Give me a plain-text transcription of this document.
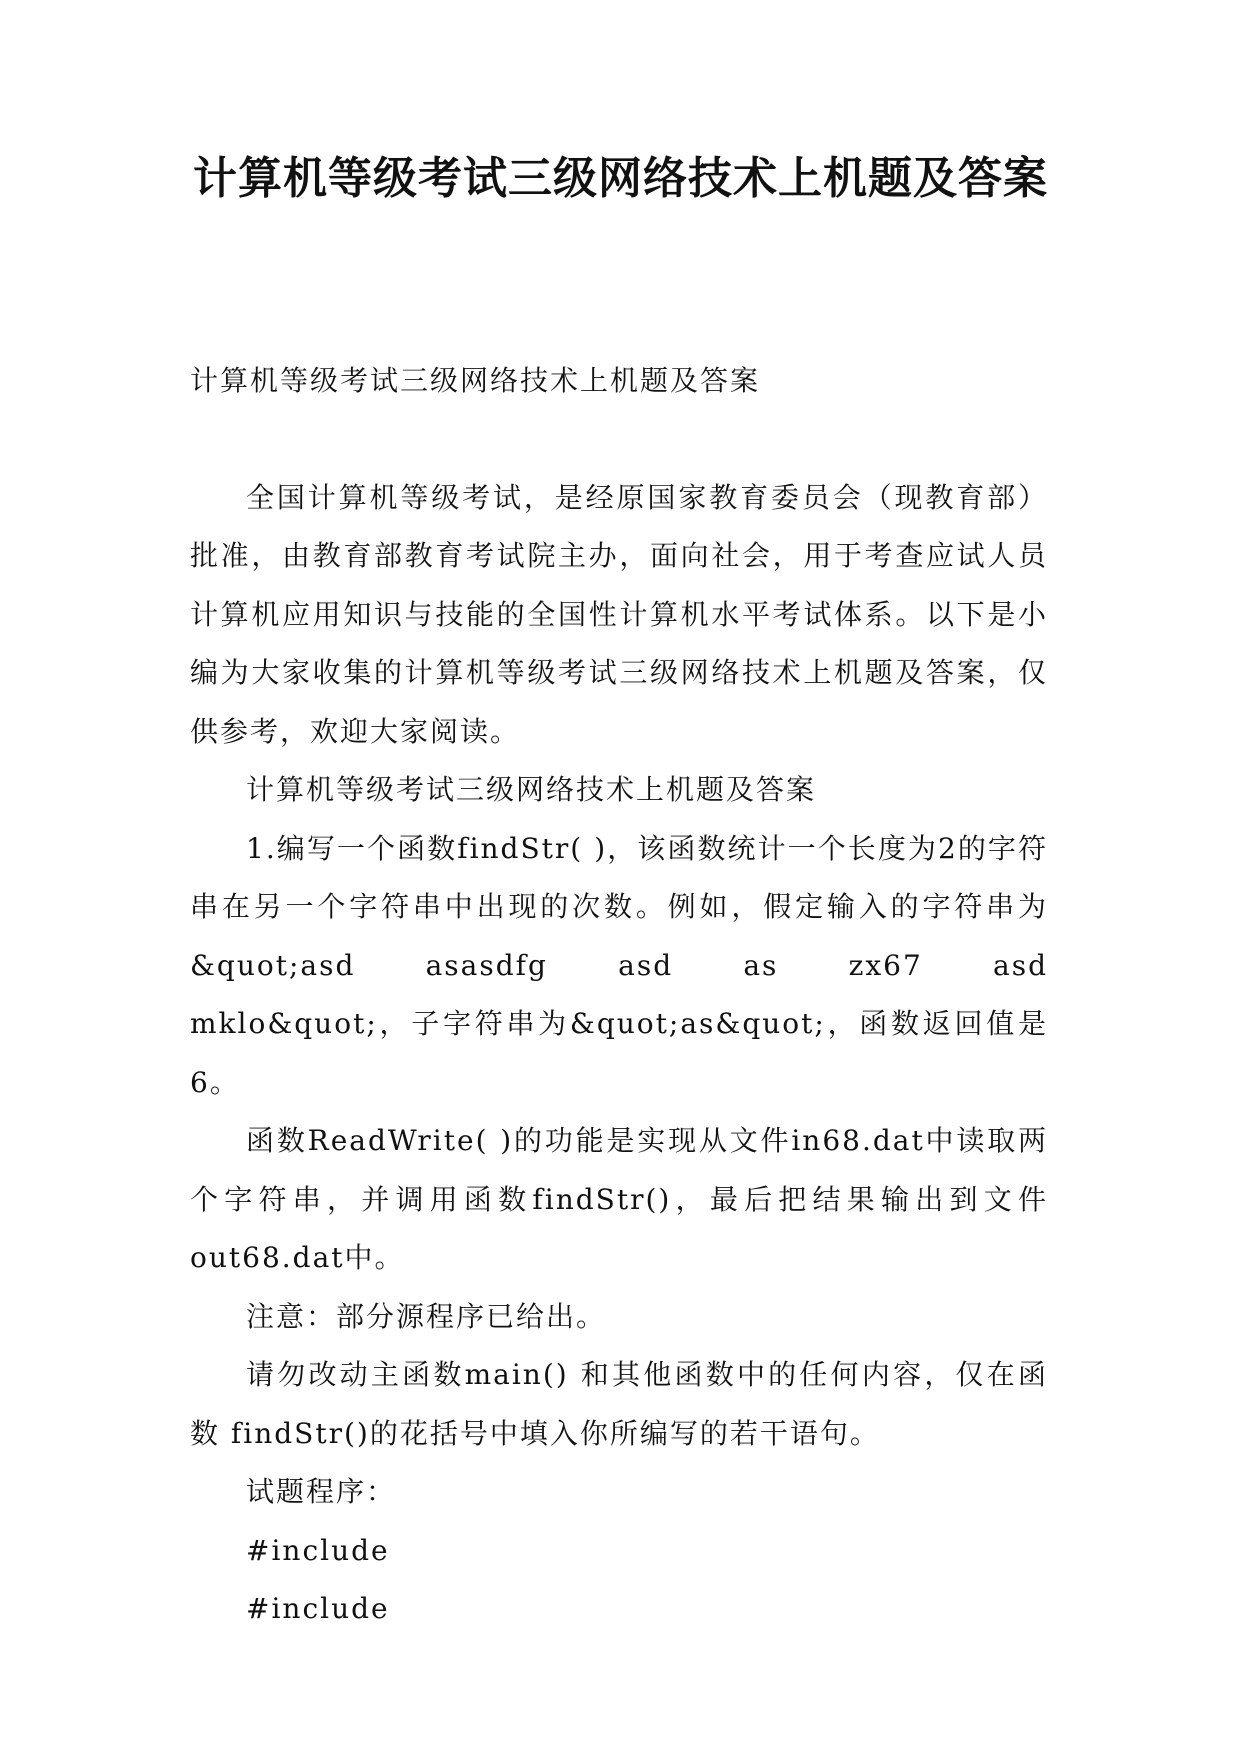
计算机等级考试三级网络技术上机题及答案

计算机等级考试三级网络技术上机题及答案

全国计算机等级考试，是经原国家教育委员会（现教育部）批准，由教育部教育考试院主办，面向社会，用于考查应试人员计算机应用知识与技能的全国性计算机水平考试体系。以下是小编为大家收集的计算机等级考试三级网络技术上机题及答案，仅供参考，欢迎大家阅读。

计算机等级考试三级网络技术上机题及答案

1.编写一个函数findStr( )，该函数统计一个长度为2的字符串在另一个字符串中出现的次数。例如，假定输入的字符串为&quot;asd asasdfg asd as zx67 asd

mklo&quot;，子字符串为&quot;as&quot;，函数返回值是6。

函数ReadWrite( )的功能是实现从文件in68.dat中读取两个字符串，并调用函数findStr()，最后把结果输出到文件out68.dat中。

注意：部分源程序已给出。

请勿改动主函数main() 和其他函数中的任何内容，仅在函数 findStr()的花括号中填入你所编写的若干语句。

试题程序：

#include

#include
